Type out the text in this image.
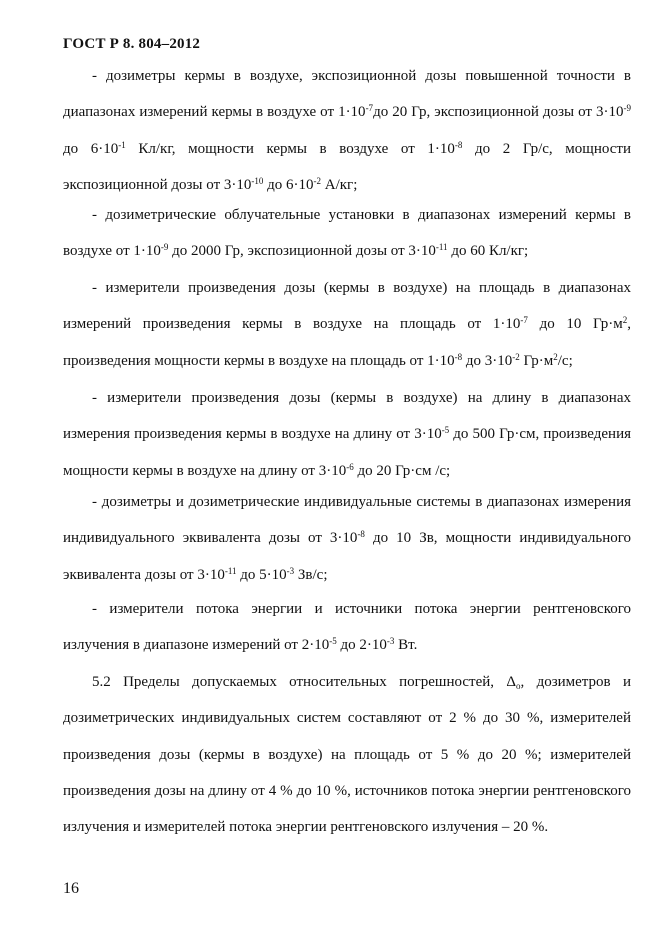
ГОСТ Р 8. 804–2012

- дозиметры кермы в воздухе, экспозиционной дозы повышенной точности в диапазонах измерений кермы в воздухе от $1\cdot 10^{-7}до$ 20 Гр, экспозиционной дозы от $3\cdot 10^{-9}$ до $6\cdot 10^{-1}$ Кл/кг, мощности кермы в воздухе от $1\cdot 10^{-8}$ до 2 Гр/с, мощности экспозиционной дозы от $3\cdot 10^{-10}$ до $6\cdot 10^{-2}$ А/кг;

- дозиметрические облучательные установки в диапазонах измерений кермы в воздухе от $1\cdot 10^{-9}$ до 2000 Гр, экспозиционной дозы от $3\cdot 10^{-11}$ до 60 Кл/кг;

- измерители произведения дозы (кермы в воздухе) на площадь в диапазонах измерений произведения кермы в воздухе на площадь от $1\cdot 10^{-7}$ до 10 $Гр\cdot м^2$, произведения мощности кермы в воздухе на площадь от $1\cdot 10^{-8}$ до $3\cdot 10^{-2}$ $Гр\cdot м^2/с$;

- измерители произведения дозы (кермы в воздухе) на длину в диапазонах измерения произведения кермы в воздухе на длину от $3\cdot 10^{-5}$ до 500 Гр·см, произведения мощности кермы в воздухе на длину от $3\cdot 10^{-6}$ до 20 Гр·см /с;

- дозиметры и дозиметрические индивидуальные системы в диапазонах измерения индивидуального эквивалента дозы от $3\cdot 10^{-8}$ до 10 Зв, мощности индивидуального эквивалента дозы от $3\cdot 10^{-11}$ до $5\cdot 10^{-3}$ Зв/с;

- измерители потока энергии и источники потока энергии рентгеновского излучения в диапазоне измерений от $2\cdot 10^{-5}$ до $2\cdot 10^{-3}$ Вт.

5.2 Пределы допускаемых относительных погрешностей, $\Delta_o$, дозиметров и дозиметрических индивидуальных систем составляют от 2 % до 30 %, измерителей произведения дозы (кермы в воздухе) на площадь от 5 % до 20 %; измерителей произведения дозы на длину от 4 % до 10 %, источников потока энергии рентгеновского излучения и измерителей потока энергии рентгеновского излучения – 20 %.

16
